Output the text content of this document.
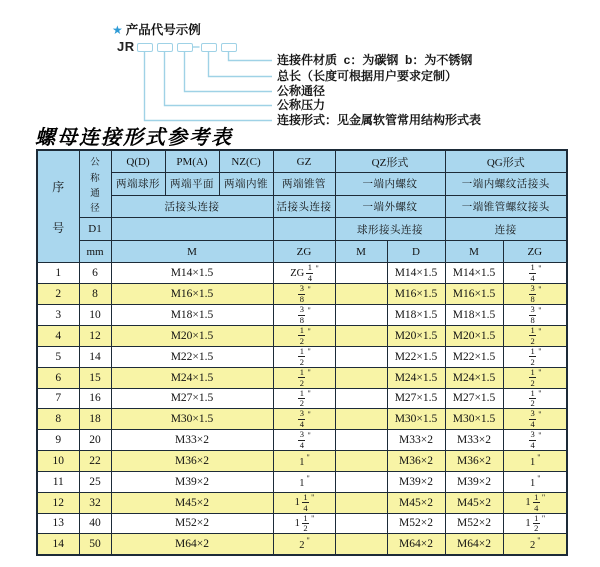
★ 产品代号示例
JR
连接件材质  c：为碳钢  b：为不锈钢
总长（长度可根据用户要求定制）
公称通径
公称压力
连接形式：见金属软管常用结构形式表
螺母连接形式参考表
序
号	公
称
通
径	Q(D)	PM(A)	NZ(C)	GZ	QZ形式		QG形式	
		两端球形	两端平面	两端内锥	两端锥管	一端内螺纹		一端内螺纹活接头	
		活接头连接			活接头连接	一端外螺纹		一端锥管螺纹接头	
	D1					球形接头连接		连接	
	mm	M			ZG	M	D	M	ZG
1	6	M14×1.5			ZG $\frac{1}{4}$ "		M14×1.5	M14×1.5	$\frac{1}{4}$ "
2	8	M16×1.5			$\frac{3}{8}$ "		M16×1.5	M16×1.5	$\frac{3}{8}$ "
3	10	M18×1.5			$\frac{3}{8}$ "		M18×1.5	M18×1.5	$\frac{3}{8}$ "
4	12	M20×1.5			$\frac{1}{2}$ "		M20×1.5	M20×1.5	$\frac{1}{2}$ "
5	14	M22×1.5			$\frac{1}{2}$ "		M22×1.5	M22×1.5	$\frac{1}{2}$ "
6	15	M24×1.5			$\frac{1}{2}$ "		M24×1.5	M24×1.5	$\frac{1}{2}$ "
7	16	M27×1.5			$\frac{1}{2}$ "		M27×1.5	M27×1.5	$\frac{1}{2}$ "
8	18	M30×1.5			$\frac{3}{4}$ "		M30×1.5	M30×1.5	$\frac{3}{4}$ "
9	20	M33×2			$\frac{3}{4}$ "		M33×2	M33×2	$\frac{3}{4}$ "
10	22	M36×2			1 "		M36×2	M36×2	1 "
11	25	M39×2			1 "		M39×2	M39×2	1 "
12	32	M45×2			$1 \frac{1}{4}$ "		M45×2	M45×2	$1 \frac{1}{4}$ "
13	40	M52×2			$1 \frac{1}{2}$ "		M52×2	M52×2	$1 \frac{1}{2}$ "
14	50	M64×2			2 "		M64×2	M64×2	2 "
